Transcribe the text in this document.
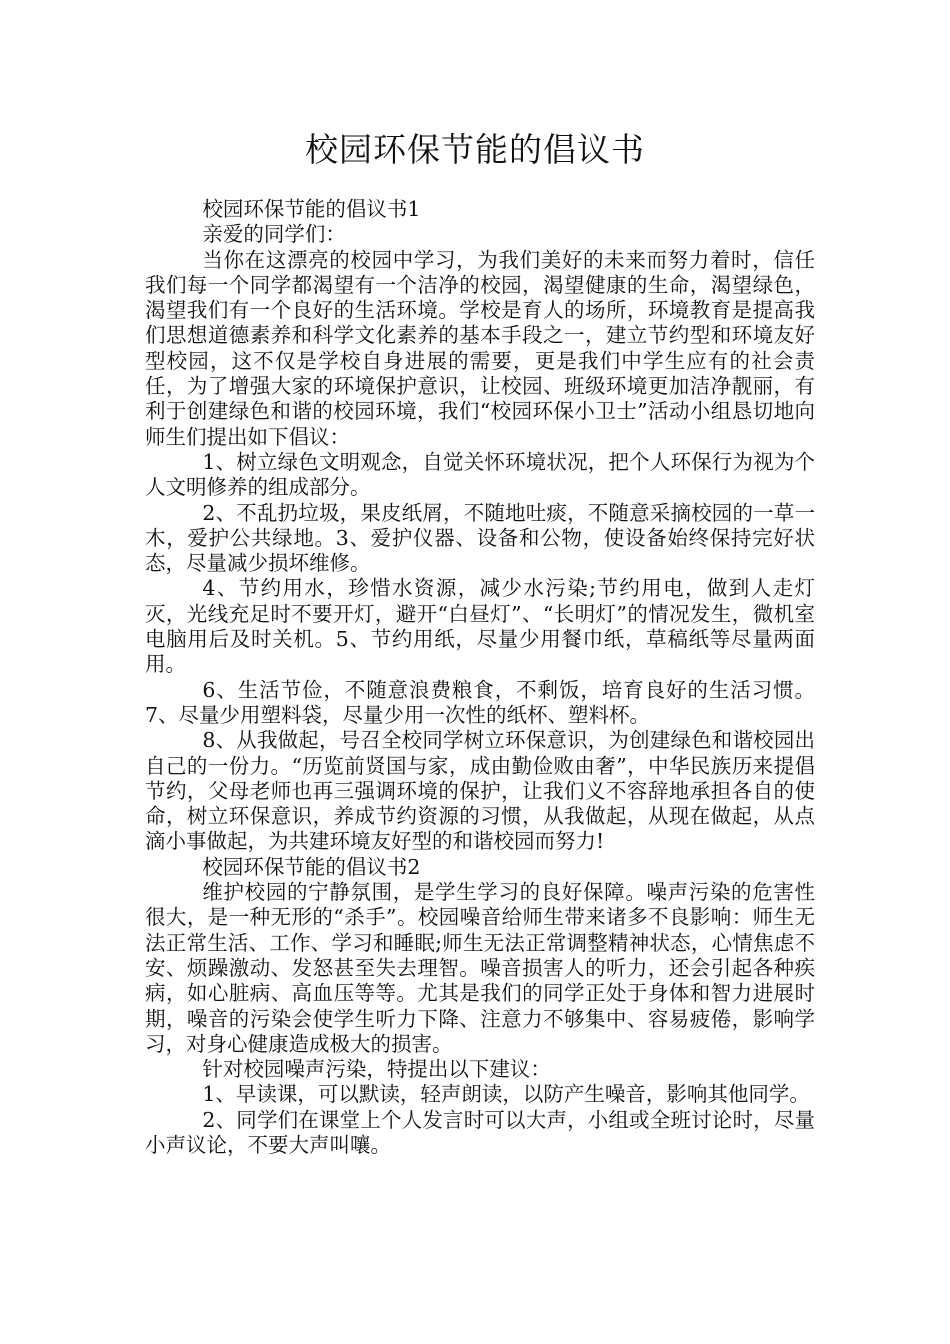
校园环保节能的倡议书

校园环保节能的倡议书1

亲爱的同学们：

当你在这漂亮的校园中学习，为我们美好的未来而努力着时，信任我们每一个同学都渴望有一个洁净的校园，渴望健康的生命，渴望绿色，渴望我们有一个良好的生活环境。学校是育人的场所，环境教育是提高我们思想道德素养和科学文化素养的基本手段之一，建立节约型和环境友好型校园，这不仅是学校自身进展的需要，更是我们中学生应有的社会责任，为了增强大家的环境保护意识，让校园、班级环境更加洁净靓丽，有利于创建绿色和谐的校园环境，我们“校园环保小卫士”活动小组恳切地向师生们提出如下倡议：

1、树立绿色文明观念，自觉关怀环境状况，把个人环保行为视为个人文明修养的组成部分。

2、不乱扔垃圾，果皮纸屑，不随地吐痰，不随意采摘校园的一草一木，爱护公共绿地。3、爱护仪器、设备和公物，使设备始终保持完好状态，尽量减少损坏维修。

4、节约用水，珍惜水资源，减少水污染;节约用电，做到人走灯灭，光线充足时不要开灯，避开“白昼灯”、“长明灯”的情况发生，微机室电脑用后及时关机。5、节约用纸，尽量少用餐巾纸，草稿纸等尽量两面用。

6、生活节俭，不随意浪费粮食，不剩饭，培育良好的生活习惯。 7、尽量少用塑料袋，尽量少用一次性的纸杯、塑料杯。

8、从我做起，号召全校同学树立环保意识，为创建绿色和谐校园出自己的一份力。“历览前贤国与家，成由勤俭败由奢”，中华民族历来提倡节约，父母老师也再三强调环境的保护，让我们义不容辞地承担各自的使命，树立环保意识，养成节约资源的习惯，从我做起，从现在做起，从点滴小事做起，为共建环境友好型的和谐校园而努力!

校园环保节能的倡议书2

维护校园的宁静氛围，是学生学习的良好保障。噪声污染的危害性很大，是一种无形的“杀手”。校园噪音给师生带来诸多不良影响：师生无法正常生活、工作、学习和睡眠;师生无法正常调整精神状态，心情焦虑不安、烦躁激动、发怒甚至失去理智。噪音损害人的听力，还会引起各种疾病，如心脏病、高血压等等。尤其是我们的同学正处于身体和智力进展时期，噪音的污染会使学生听力下降、注意力不够集中、容易疲倦，影响学习，对身心健康造成极大的损害。

针对校园噪声污染，特提出以下建议：

1、早读课，可以默读，轻声朗读，以防产生噪音，影响其他同学。

2、同学们在课堂上个人发言时可以大声，小组或全班讨论时，尽量小声议论，不要大声叫嚷。
